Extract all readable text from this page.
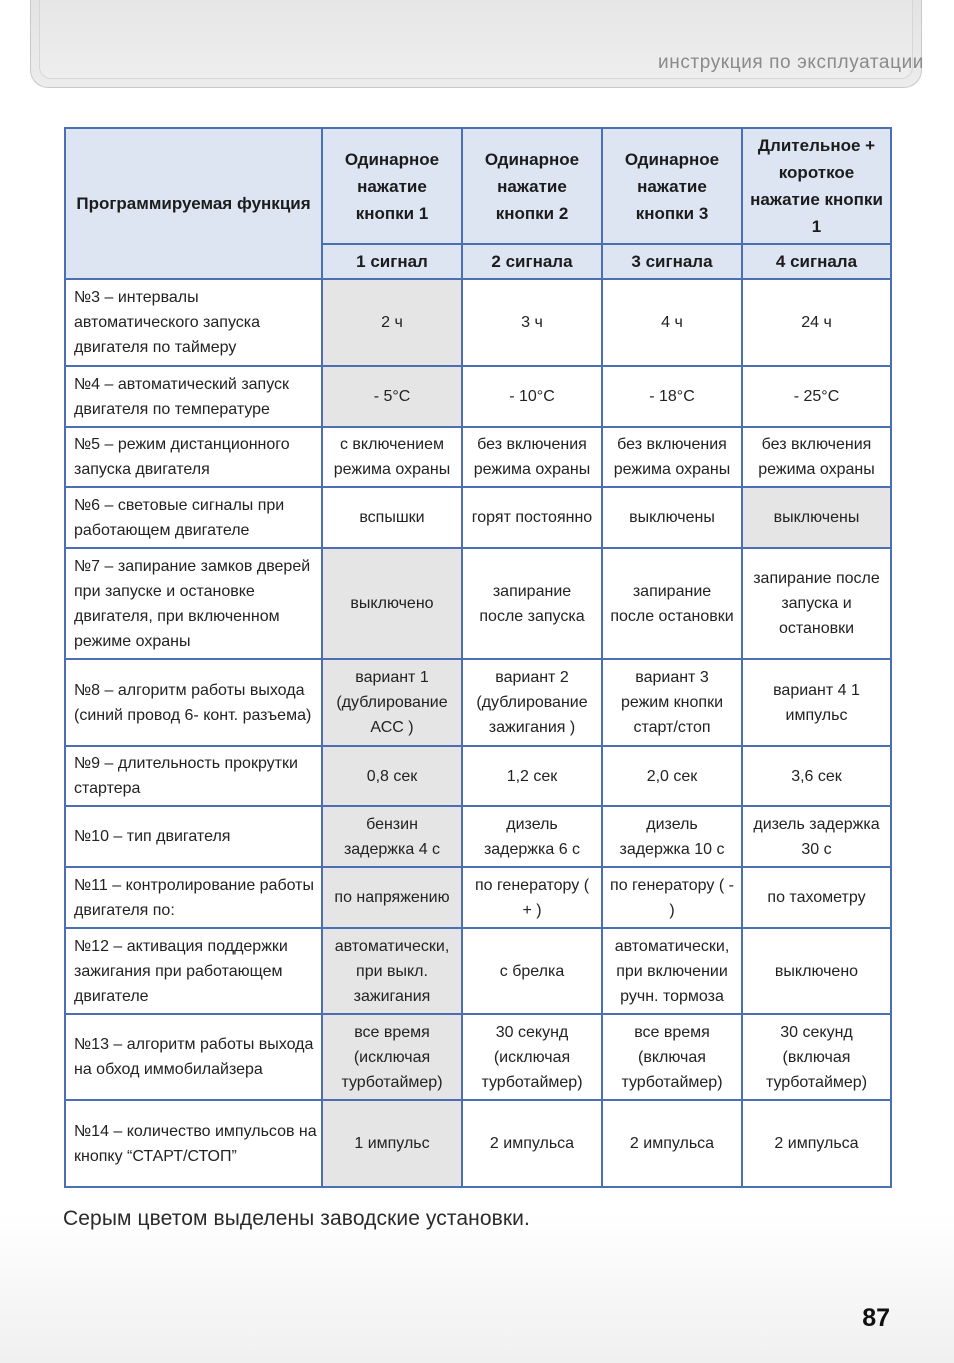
инструкция по эксплуатации
Программируемая функция	Одинарное нажатие кнопки 1	Одинарное нажатие кнопки 2	Одинарное нажатие кнопки 3	Длительное + короткое нажатие кнопки 1
	1 сигнал	2 сигнала	3 сигнала	4 сигнала
№3 – интервалы автоматического запуска двигателя по таймеру	2 ч	3 ч	4 ч	24 ч
№4 – автоматический запуск двигателя по температуре	- 5°С	- 10°С	- 18°С	- 25°С
№5 – режим дистанционного запуска двигателя	с включением режима охраны	без включения режима охраны	без включения режима охраны	без включения режима охраны
№6 – световые сигналы при работающем двигателе	вспышки	горят постоянно	выключены	выключены
№7 – запирание замков дверей при запуске и остановке двигателя, при включенном режиме охраны	выключено	запирание после запуска	запирание после остановки	запирание после запуска и остановки
№8 – алгоритм работы выхода (синий провод 6- конт. разъема)	вариант 1 (дублирование АСС )	вариант 2 (дублирование зажигания )	вариант 3 режим кнопки старт/стоп	вариант 4 1 импульс
№9 – длительность прокрутки стартера	0,8 сек	1,2 сек	2,0 сек	3,6 сек
№10 – тип двигателя	бензин задержка 4 с	дизель задержка 6 с	дизель задержка 10 с	дизель задержка 30 с
№11 – контролирование работы двигателя по:	по напряжению	по генератору ( + )	по генератору ( - )	по тахометру
№12 – активация поддержки зажигания при работающем двигателе	автоматически, при выкл. зажигания	с брелка	автоматически, при включении ручн. тормоза	выключено
№13 – алгоритм работы выхода на обход иммобилайзера	все время (исключая турботаймер)	30 секунд (исключая турботаймер)	все время (включая турботаймер)	30 секунд (включая турботаймер)
№14 – количество импульсов на кнопку “СТАРТ/СТОП”	1 импульс	2 импульса	2 импульса	2 импульса
Серым цветом выделены заводские установки.
87
